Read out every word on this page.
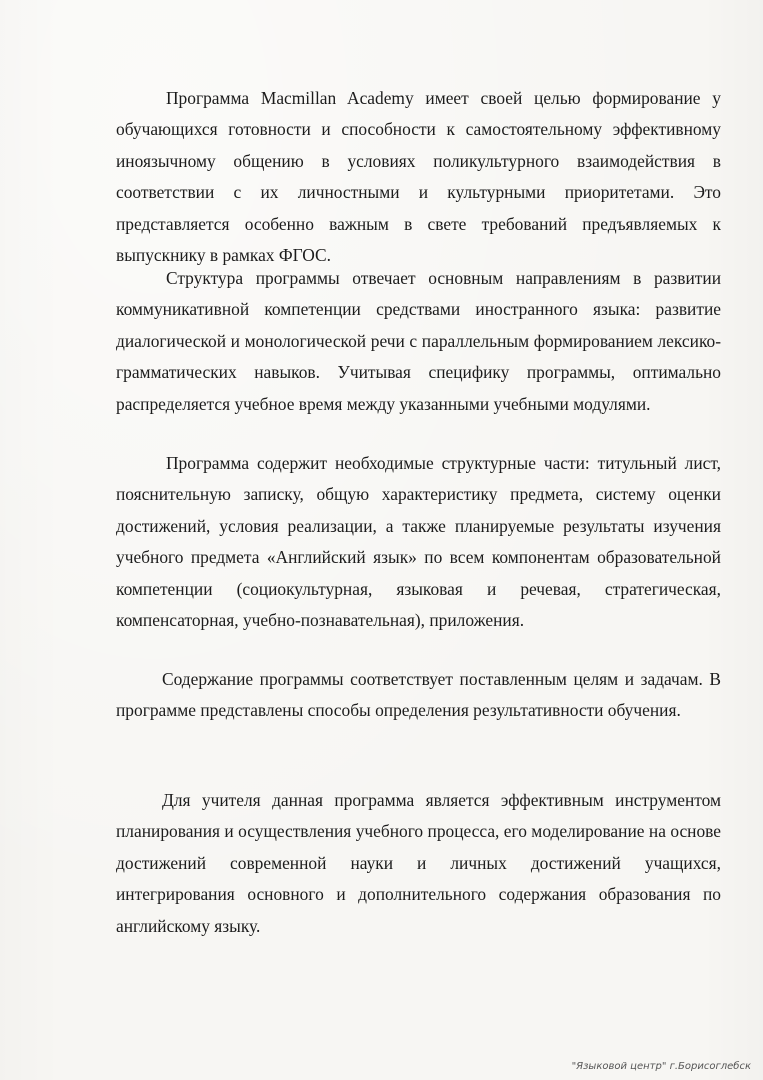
Программа Macmillan Academy имеет своей целью формирование у обучающихся готовности и способности к самостоятельному эффективному иноязычному общению в условиях поликультурного взаимодействия в соответствии с их личностными и культурными приоритетами. Это представляется особенно важным в свете требований предъявляемых к выпускнику в рамках ФГОС.

Структура программы отвечает основным направлениям в развитии коммуникативной компетенции средствами иностранного языка: развитие диалогической и монологической речи с параллельным формированием лексико-грамматических навыков. Учитывая специфику программы, оптимально распределяется учебное время между указанными учебными модулями.

Программа содержит необходимые структурные части: титульный лист, пояснительную записку, общую характеристику предмета, систему оценки достижений, условия реализации, а также планируемые результаты изучения учебного предмета «Английский язык» по всем компонентам образовательной компетенции (социокультурная, языковая и речевая, стратегическая, компенсаторная, учебно-познавательная), приложения.

Содержание программы соответствует поставленным целям и задачам. В программе представлены способы определения результативности обучения.

Для учителя данная программа является эффективным инструментом планирования и осуществления учебного процесса, его моделирование на основе достижений современной науки и личных достижений учащихся, интегрирования основного и дополнительного содержания образования по английскому языку.

"Языковой центр" г.Борисоглебск
